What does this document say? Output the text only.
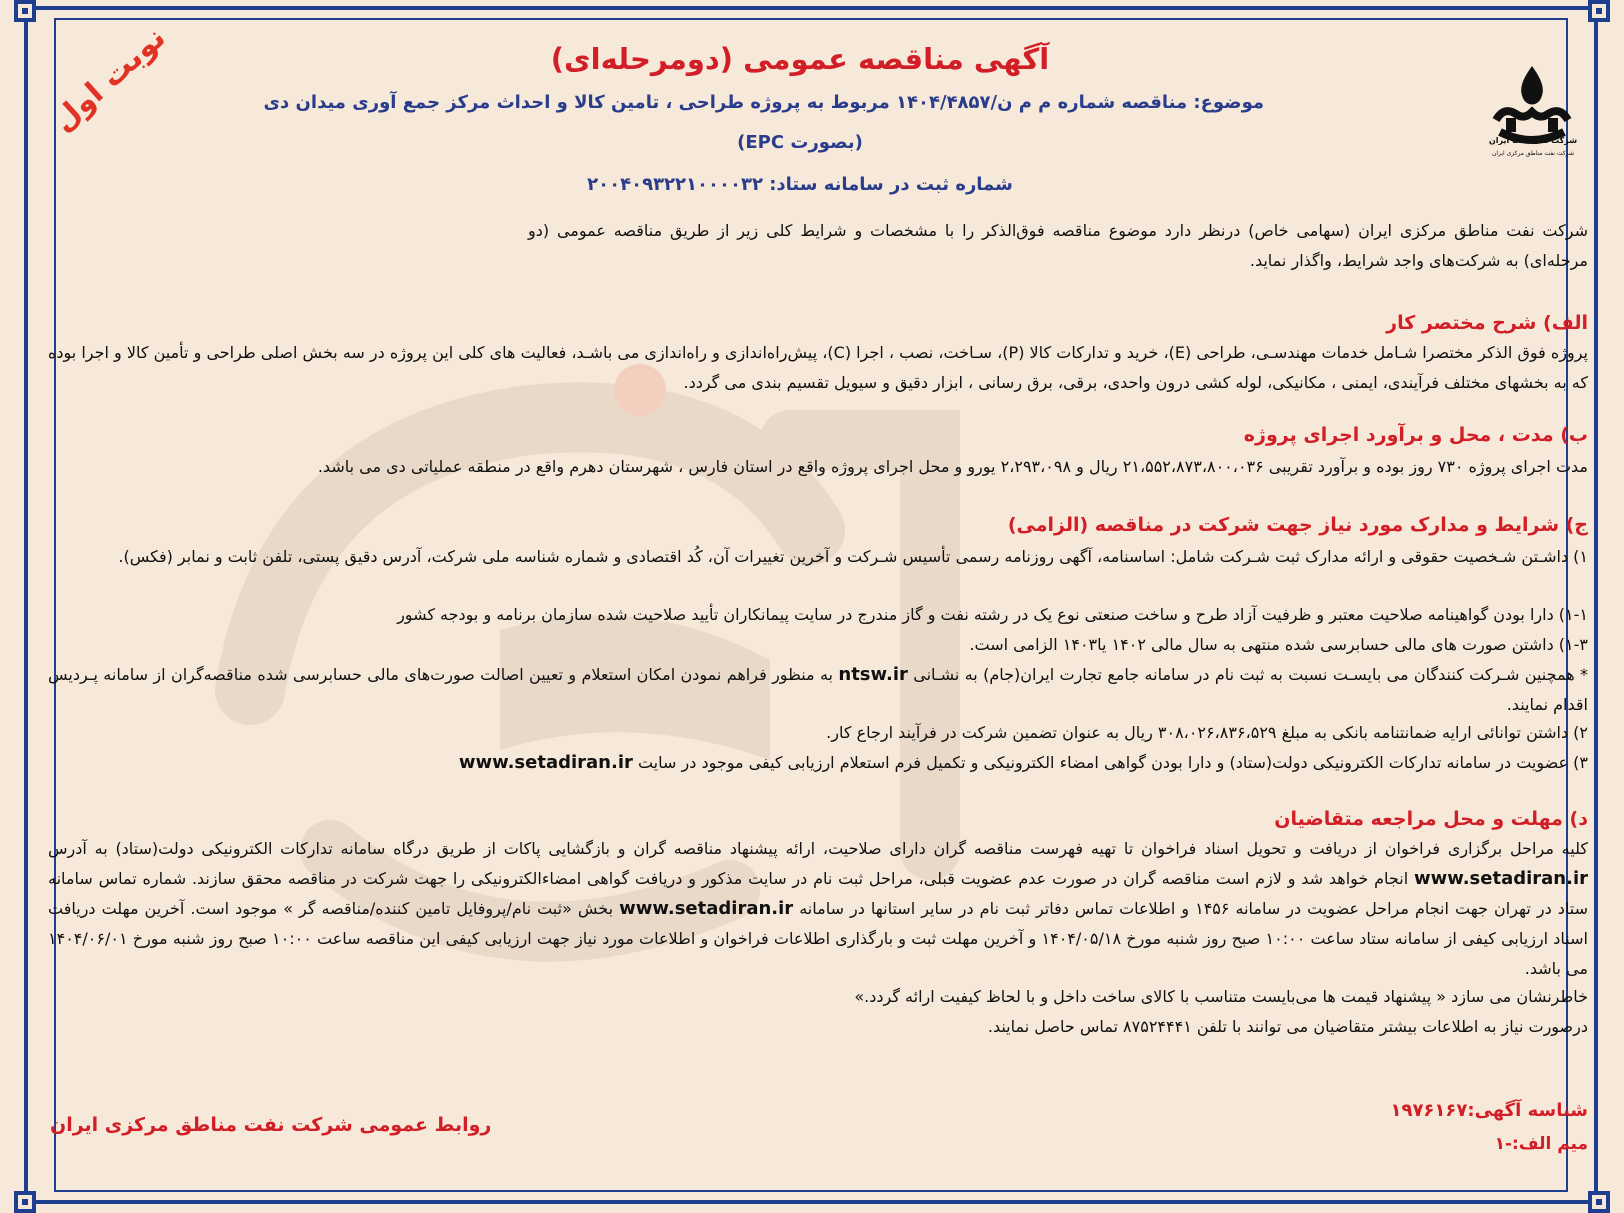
شرکت ملی نفت ایران
شرکت نفت مناطق مرکزی ایران
نوبت اول	آگهی مناقصه عمومی (دومرحله‌ای)
موضوع: مناقصه شماره م م ن/۱۴۰۴/۴۸۵۷ مربوط به پروژه طراحی ، تامین کالا و احداث مرکز جمع آوری میدان دی
(بصورت EPC)
شماره ثبت در سامانه ستاد: ۲۰۰۴۰۹۳۲۲۱۰۰۰۰۳۲
شرکت نفت مناطق مرکزی ایران (سهامی خاص) درنظر دارد موضوع مناقصه فوق‌الذکر را با مشخصات و شرایط کلی زیر از طریق مناقصه عمومی (دو مرحله‌ای) به شرکت‌های واجد شرایط، واگذار نماید.
الف) شرح مختصر کار
پروژه فوق الذکر مختصرا شـامل خدمات مهندسـی، طراحی (E)، خرید و تدارکات کالا (P)، سـاخت، نصب ، اجرا (C)، پیش‌راه‌اندازی و راه‌اندازی می باشـد، فعالیت های کلی این پروژه در سه بخش اصلی طراحی و تأمین کالا و اجرا بوده که به بخشهای مختلف فرآیندی، ایمنی ، مکانیکی، لوله کشی درون واحدی، برقی، برق رسانی ، ابزار دقیق و سیویل تقسیم بندی می گردد.
ب) مدت ، محل و برآورد اجرای پروژه
مدت اجرای پروژه ۷۳۰ روز بوده و برآورد تقریبی ۲۱،۵۵۲،۸۷۳،۸۰۰،۰۳۶ ریال و ۲،۲۹۳،۰۹۸ یورو و محل اجرای پروژه واقع در استان فارس ، شهرستان دهرم واقع در منطقه عملیاتی دی می باشد.
ج) شرایط و مدارک مورد نیاز جهت شرکت در مناقصه (الزامی)
۱) داشـتن شـخصیت حقوقی و ارائه مدارک ثبت شـرکت شامل: اساسنامه، آگهی روزنامه رسمی تأسیس شـرکت و آخرین تغییرات آن، کُد اقتصادی و شماره شناسه ملی شرکت، آدرس دقیق پستی، تلفن ثابت و نمابر (فکس).
۱-۱) دارا بودن گواهینامه صلاحیت معتبر و ظرفیت آزاد طرح و ساخت صنعتی نوع یک در رشته نفت و گاز مندرج در سایت پیمانکاران تأیید صلاحیت شده سازمان برنامه و بودجه کشور
۱-۳) داشتن صورت های مالی حسابرسی شده منتهی به سال مالی ۱۴۰۲ یا۱۴۰۳ الزامی است.
* همچنین شـرکت کنندگان می بایسـت نسبت به ثبت نام در سامانه جامع تجارت ایران(جام) به نشـانی ntsw.ir به منظور فراهم نمودن امکان استعلام و تعیین اصالت صورت‌های مالی حسابرسی شده مناقصه‌گران از سامانه پـردیس اقدام نمایند.
۲) داشتن توانائی ارایه ضمانتنامه بانکی به مبلغ ۳۰۸،۰۲۶،۸۳۶،۵۲۹ ریال به عنوان تضمین شرکت در فرآیند ارجاع کار.
۳) عضویت در سامانه تدارکات الکترونیکی دولت(ستاد) و دارا بودن گواهی امضاء الکترونیکی و تکمیل فرم استعلام ارزیابی کیفی موجود در سایت www.setadiran.ir
د) مهلت و محل مراجعه متقاضیان
کلیه مراحل برگزاری فراخوان از دریافت و تحویل اسناد فراخوان تا تهیه فهرست مناقصه گران دارای صلاحیت، ارائه پیشنهاد مناقصه گران و بازگشایی پاکات از طریق درگاه سامانه تدارکات الکترونیکی دولت(ستاد) به آدرس www.setadiran.ir انجام خواهد شد و لازم است مناقصه گران در صورت عدم عضویت قبلی، مراحل ثبت نام در سایت مذکور و دریافت گواهی امضاءالکترونیکی را جهت شرکت در مناقصه محقق سازند. شماره تماس سامانه ستاد در تهران جهت انجام مراحل عضویت در سامانه ۱۴۵۶ و اطلاعات تماس دفاتر ثبت نام در سایر استانها در سامانه www.setadiran.ir بخش «ثبت نام/پروفایل تامین کننده/مناقصه گر » موجود است. آخرین مهلت دریافت اسناد ارزیابی کیفی از سامانه ستاد ساعت ۱۰:۰۰ صبح روز شنبه مورخ ۱۴۰۴/۰۵/۱۸ و آخرین مهلت ثبت و بارگذاری اطلاعات فراخوان و اطلاعات مورد نیاز جهت ارزیابی کیفی این مناقصه ساعت ۱۰:۰۰ صبح روز شنبه مورخ ۱۴۰۴/۰۶/۰۱ می باشد.
خاطرنشان می سازد « پیشنهاد قیمت ها می‌بایست متناسب با کالای ساخت داخل و با لحاظ کیفیت ارائه گردد.»
درصورت نیاز به اطلاعات بیشتر متقاضیان می توانند با تلفن ۸۷۵۲۴۴۴۱ تماس حاصل نمایند.
شناسه آگهی:۱۹۷۶۱۶۷
میم الف:-۱
روابط عمومی شرکت نفت مناطق مرکزی ایران
